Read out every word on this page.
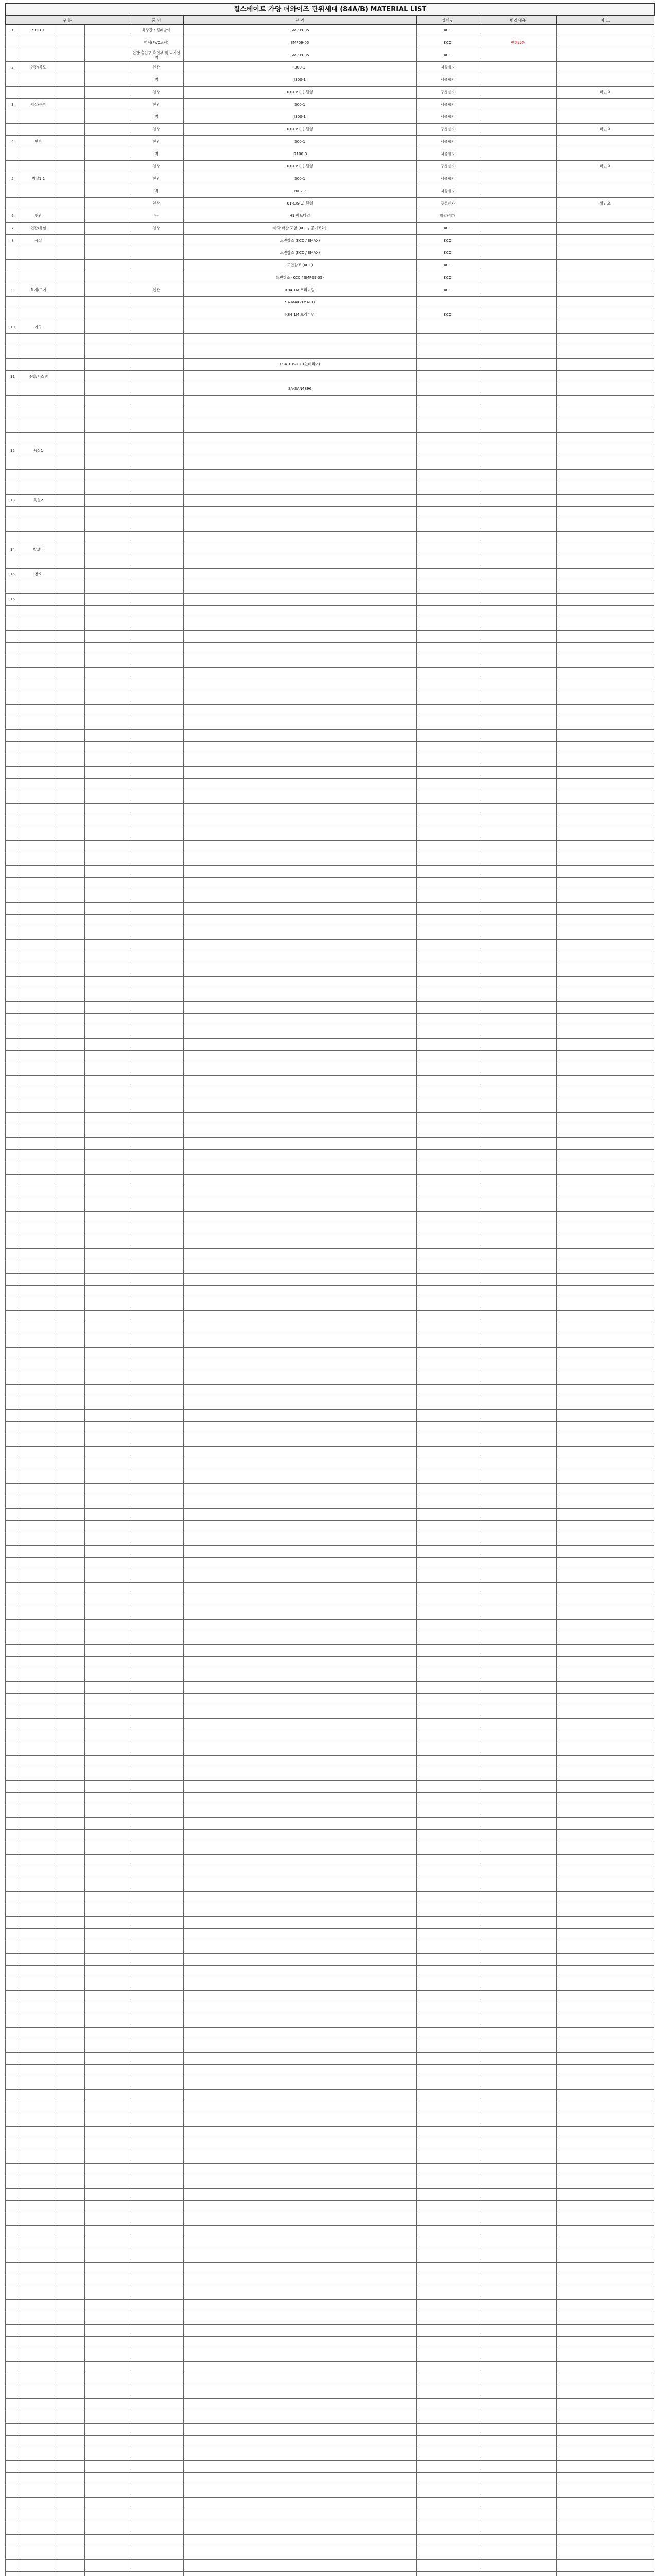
힐스테이트 가양 더와이즈 단위세대 (84A/B) MATERIAL LIST
구 분				품 명	규 격	업체명	변경내용	비 고
1	SHEET			욕장판 / 걸레받이	SMP09-05	KCC		
				벽체(PVC코팅)	SMP09-05	KCC	변경없음	
				현관 출입구 측면부 및 디자인벽	SMP09-05	KCC		
2	현관/복도			현관	300-1	서울제지		
				벽	J300-1	서울제지		
				천장	01-C/S(1) 원형	구성전자		확인요
3	거실/주방			현관	300-1	서울제지		
				벽	J300-1	서울제지		
				천장	01-C/S(1) 원형	구성전자		확인요
4	안방			현관	300-1	서울제지		
				벽	J7100-3	서울제지		
				천장	01-C/S(1) 원형	구성전자		확인요
5	침실1,2			현관	300-1	서울제지		
				벽	7007-2	서울제지		
				천장	01-C/S(1) 원형	구성전자		확인요
6	현관			바닥	H1 아트타일	타일/석재		
7	현관/욕실			천장	바닥 배관 포함 (KCC / 공기조화)	KCC		
8	욕실				도면참조 (KCC / SMAX)	KCC		
					도면참조 (KCC / SMAX)	KCC		
					도면참조 (KCC)	KCC		
					도면참조 (KCC / SMP09-05)	KCC		
9	목재/도어			현관	K84 1M 프리미엄	KCC		
					SA-MAKZ(MATT)			
					K84 1M 프리미엄	KCC		
10	가구							

					CSA 10SU-1 (인테리어)			
11	주방/시스템							
					SA-SAN4896			

12	욕실1							

13	욕실2							

14	발코니							

15	창호							

16								
